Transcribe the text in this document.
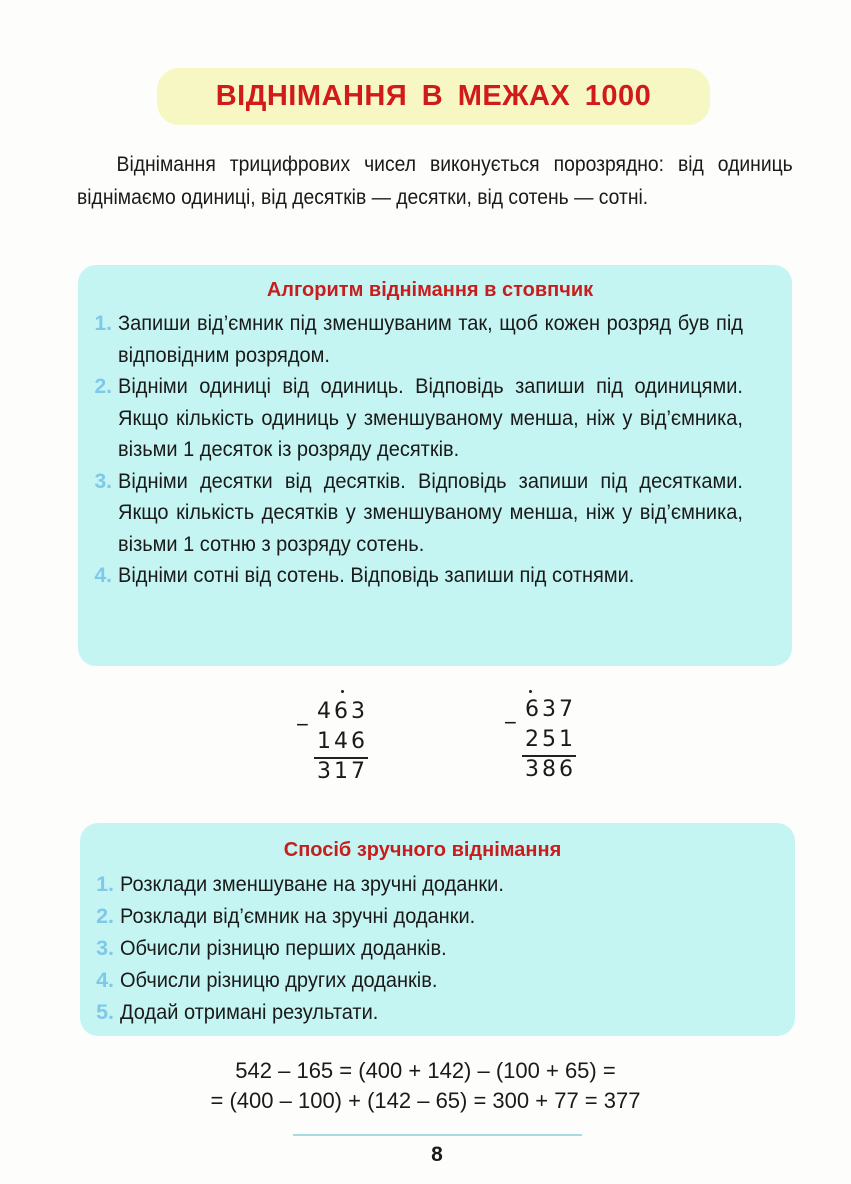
ВІДНІМАННЯ В МЕЖАХ 1000

Віднімання трицифрових чисел виконується порозрядно: від одиниць віднімаємо одиниці, від десятків — десятки, від сотень — сотні.

Алгоритм віднімання в стовпчик
1. Запиши від’ємник під зменшуваним так, щоб кожен розряд був під відповідним розрядом.
2. Відніми одиниці від одиниць. Відповідь запиши під одиницями. Якщо кількість одиниць у зменшуваному менша, ніж у від’ємника, візьми 1 десяток із розряду десятків.
3. Відніми десятки від десятків. Відповідь запиши під десятками. Якщо кількість десятків у зменшуваному менша, ніж у від’ємника, візьми 1 сотню з розряду сотень.
4. Відніми сотні від сотень. Відповідь запиши під сотнями.
−
463
146
317
−
637
251
386
Спосіб зручного віднімання
1. Розклади зменшуване на зручні доданки.
2. Розклади від’ємник на зручні доданки.
3. Обчисли різницю перших доданків.
4. Обчисли різницю других доданків.
5. Додай отримані результати.
542 – 165 = (400 + 142) – (100 + 65) =
= (400 – 100) + (142 – 65) = 300 + 77 = 377
8
